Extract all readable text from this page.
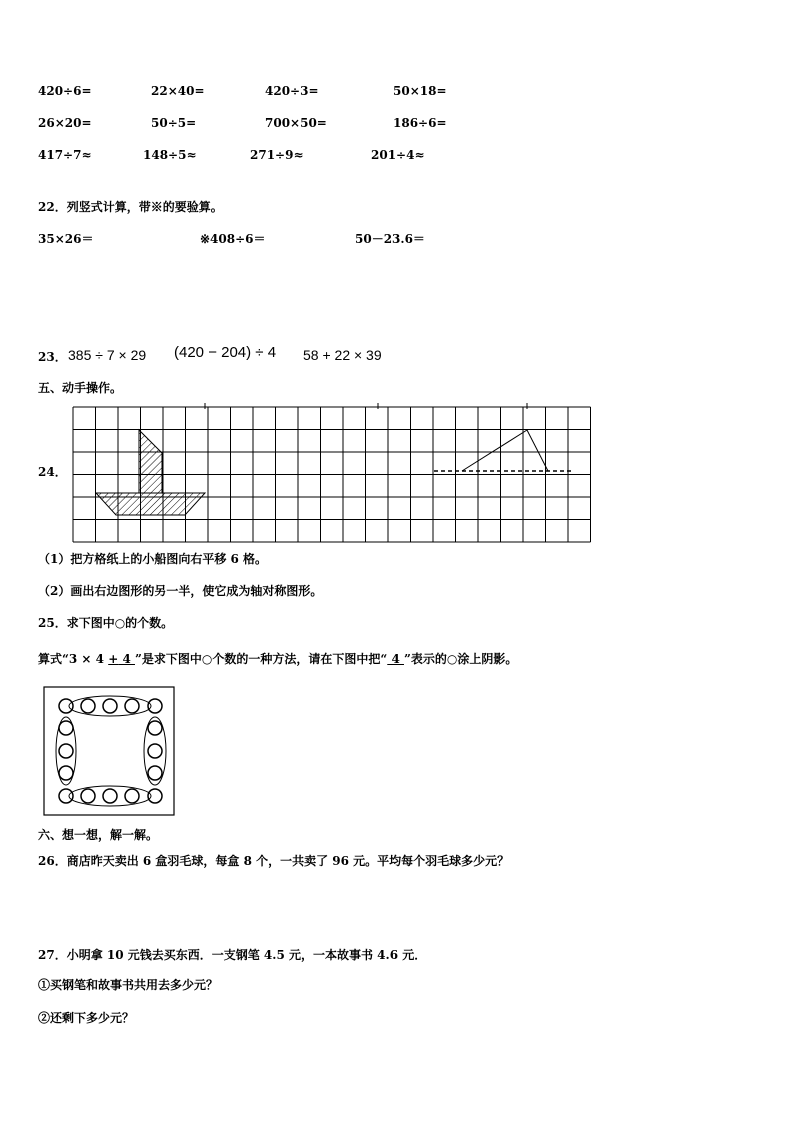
420÷6=	22×40=	420÷3=	50×18=
26×20=	50÷5=	700×50=	186÷6=
417÷7≈	148÷5≈	271÷9≈	201÷4≈
22．列竖式计算，带※的要验算。
35×26＝	※408÷6＝	50－23.6＝
23． 385 ÷ 7 × 29 (420 − 204) ÷ 4 58 + 22 × 39
五、动手操作。
24．
（1）把方格纸上的小船图向右平移 6 格。
（2）画出右边图形的另一半，使它成为轴对称图形。
25．求下图中○的个数。
算式“3 × 4 + 4 ”是求下图中○个数的一种方法，请在下图中把“ 4 ”表示的○涂上阴影。
六、想一想，解一解。
26．商店昨天卖出 6 盒羽毛球，每盒 8 个，一共卖了 96 元。平均每个羽毛球多少元？
27．小明拿 10 元钱去买东西．一支钢笔 4.5 元，一本故事书 4.6 元．
①买钢笔和故事书共用去多少元？
②还剩下多少元？
